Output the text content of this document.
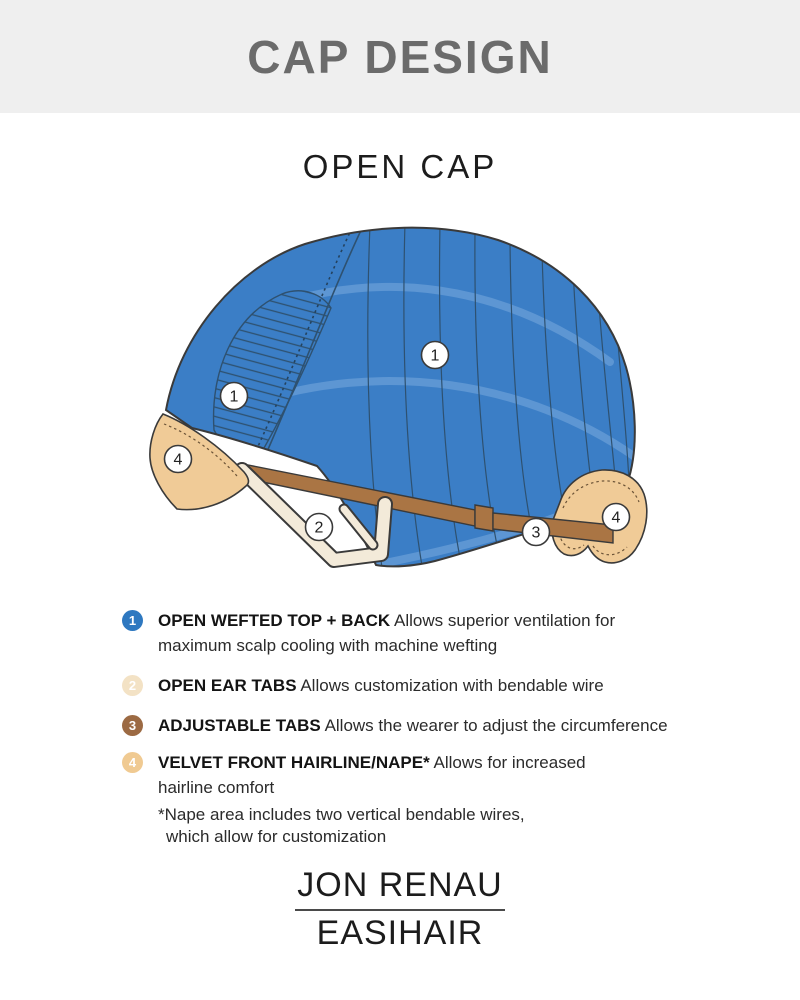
CAP DESIGN
OPEN CAP
1
1
2	3
4
4
1	OPEN WEFTED TOP + BACK Allows superior ventilation for maximum scalp cooling with machine wefting

2	OPEN EAR TABS Allows customization with bendable wire

3	ADJUSTABLE TABS Allows the wearer to adjust the circumference

4	VELVET FRONT HAIRLINE/NAPE* Allows for increased hairline comfort

*Nape area includes two vertical bendable wires,
which allow for customization
JON RENAU
EASIHAIR
